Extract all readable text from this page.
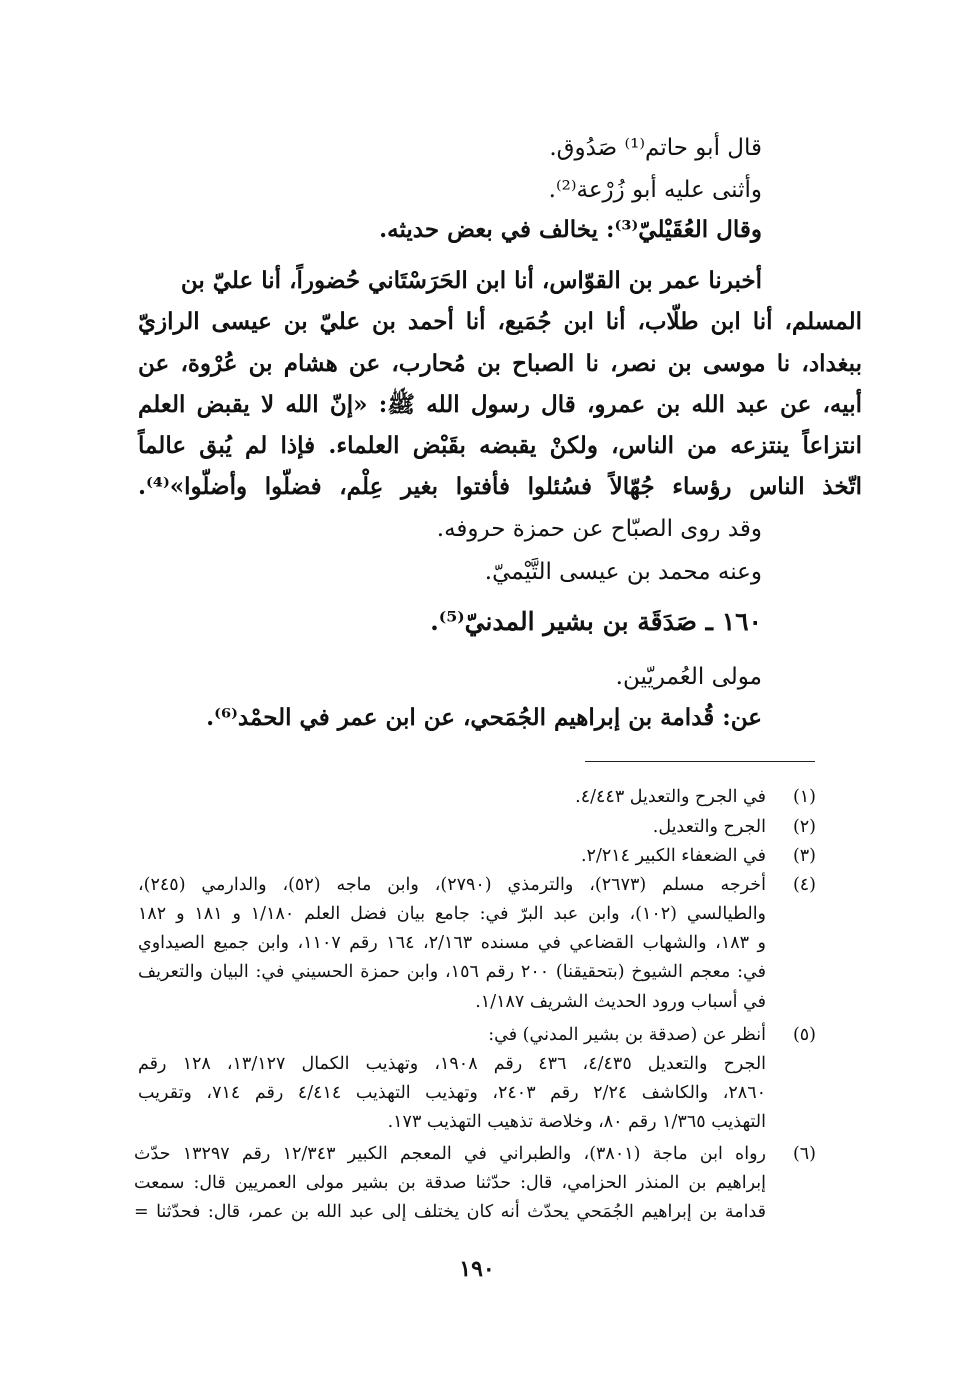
قال أبو حاتم⁽¹⁾ صَدُوق.
وأثنى عليه أبو زُرْعة⁽²⁾.
وقال العُقَيْليّ⁽³⁾: يخالف في بعض حديثه.
أخبرنا عمر بن القوّاس، أنا ابن الحَرَسْتَاني حُضوراً، أنا عليّ بن
المسلم، أنا ابن طلّاب، أنا ابن جُمَيع، أنا أحمد بن عليّ بن عيسى الرازيّ
ببغداد، نا موسى بن نصر، نا الصباح بن مُحارب، عن هشام بن عُرْوة، عن
أبيه، عن عبد الله بن عمرو، قال رسول الله ﷺ: «إنّ الله لا يقبض العلم
انتزاعاً ينتزعه من الناس، ولكنْ يقبضه بقَبْض العلماء. فإذا لم يُبق عالماً
اتّخذ الناس رؤساء جُهّالاً فسُئلوا فأفتوا بغير عِلْم، فضلّوا وأضلّوا»⁽⁴⁾.
وقد روى الصبّاح عن حمزة حروفه.
وعنه محمد بن عيسى التَّيْميّ.
١٦٠ ـ صَدَقَة بن بشير المدنيّ⁽⁵⁾.
مولى العُمريّين.
عن: قُدامة بن إبراهيم الجُمَحي، عن ابن عمر في الحمْد⁽⁶⁾.
(١)
في الجرح والتعديل ٤/٤٤٣.
(٢)
الجرح والتعديل.
(٣)
في الضعفاء الكبير ٢/٢١٤.
(٤)
أخرجه مسلم (٢٦٧٣)، والترمذي (٢٧٩٠)، وابن ماجه (٥٢)، والدارمي (٢٤٥)،
والطيالسي (١٠٢)، وابن عبد البرّ في: جامع بيان فضل العلم ١/١٨٠ و ١٨١ و ١٨٢
و ١٨٣، والشهاب القضاعي في مسنده ٢/١٦٣، ١٦٤ رقم ١١٠٧، وابن جميع الصيداوي
في: معجم الشيوخ (بتحقيقنا) ٢٠٠ رقم ١٥٦، وابن حمزة الحسيني في: البيان والتعريف
في أسباب ورود الحديث الشريف ١/١٨٧.
(٥)
أنظر عن (صدقة بن بشير المدني) في:
الجرح والتعديل ٤/٤٣٥، ٤٣٦ رقم ١٩٠٨، وتهذيب الكمال ١٣/١٢٧، ١٢٨ رقم
٢٨٦٠، والكاشف ٢/٢٤ رقم ٢٤٠٣، وتهذيب التهذيب ٤/٤١٤ رقم ٧١٤، وتقريب
التهذيب ١/٣٦٥ رقم ٨٠، وخلاصة تذهيب التهذيب ١٧٣.
(٦)
رواه ابن ماجة (٣٨٠١)، والطبراني في المعجم الكبير ١٢/٣٤٣ رقم ١٣٢٩٧ حدّث
إبراهيم بن المنذر الحزامي، قال: حدّثنا صدقة بن بشير مولى العمريين قال: سمعت
قدامة بن إبراهيم الجُمَحي يحدّث أنه كان يختلف إلى عبد الله بن عمر، قال: فحدّثنا =
١٩٠
